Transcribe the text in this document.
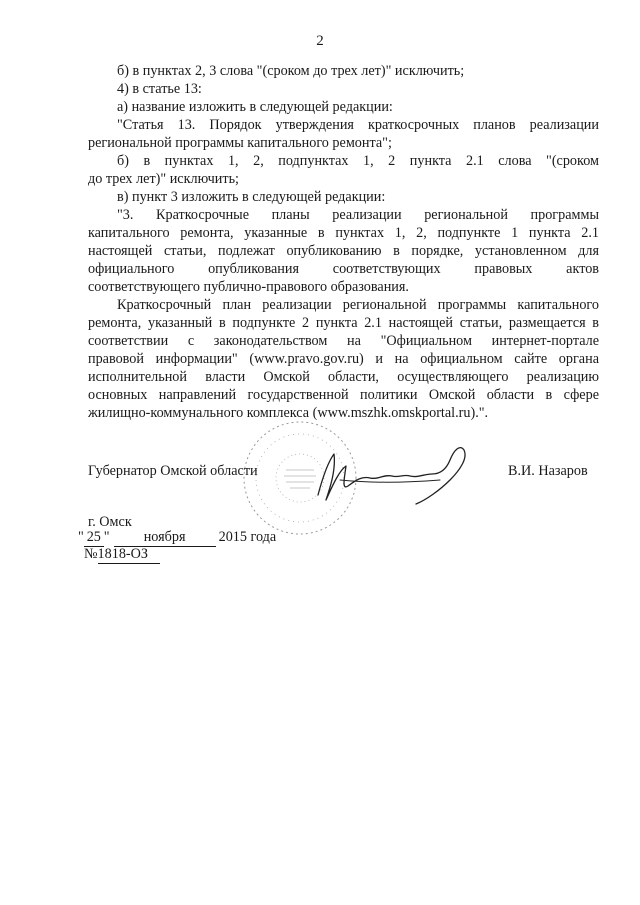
2
б) в пунктах 2, 3 слова "(сроком до трех лет)" исключить;
4) в статье 13:
а) название изложить в следующей редакции:
"Статья 13. Порядок утверждения краткосрочных планов реализации
региональной программы капитального ремонта";
б) в пунктах 1, 2, подпунктах 1, 2 пункта 2.1 слова "(сроком
до трех лет)" исключить;
в) пункт 3 изложить в следующей редакции:
"3. Краткосрочные планы реализации региональной программы
капитального ремонта, указанные в пунктах 1, 2, подпункте 1 пункта 2.1
настоящей статьи, подлежат опубликованию в порядке, установленном для
официального опубликования соответствующих правовых актов
соответствующего публично-правового образования.
Краткосрочный план реализации региональной программы капитального
ремонта, указанный в подпункте 2 пункта 2.1 настоящей статьи, размещается в
соответствии с законодательством на "Официальном интернет-портале
правовой информации" (www.pravo.gov.ru) и на официальном сайте органа
исполнительной власти Омской области, осуществляющего реализацию
основных направлений государственной политики Омской области в сфере
жилищно-коммунального комплекса (www.mszhk.omskportal.ru).".
Губернатор Омской области	В.И. Назаров
г. Омск
" 25 " ноября 2015 года
№1818-ОЗ
